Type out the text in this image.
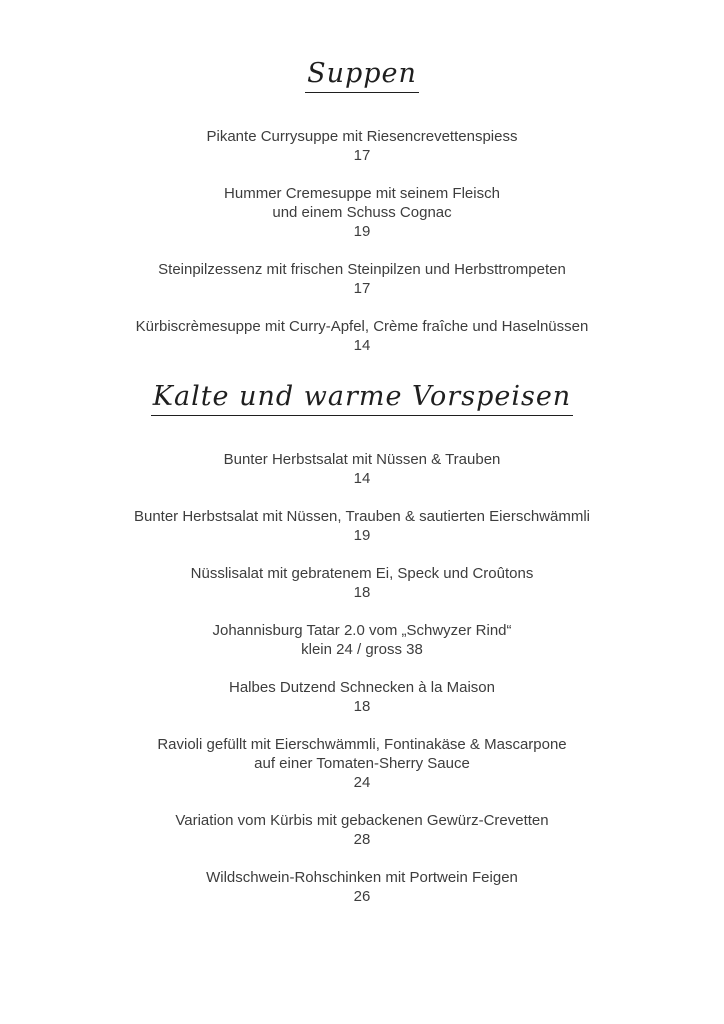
Suppen
Pikante Currysuppe mit Riesencrevettenspiess
17
Hummer Cremesuppe mit seinem Fleisch
und einem Schuss Cognac
19
Steinpilzessenz mit frischen Steinpilzen und Herbsttrompeten
17
Kürbiscrèmesuppe mit Curry-Apfel, Crème fraîche und Haselnüssen
14
Kalte und warme Vorspeisen
Bunter Herbstsalat mit Nüssen & Trauben
14
Bunter Herbstsalat mit Nüssen, Trauben & sautierten Eierschwämmli
19
Nüsslisalat mit gebratenem Ei, Speck und Croûtons
18
Johannisburg Tatar 2.0 vom „Schwyzer Rind“
klein 24 / gross 38
Halbes Dutzend Schnecken à la Maison
18
Ravioli gefüllt mit Eierschwämmli, Fontinakäse & Mascarpone
auf einer Tomaten-Sherry Sauce
24
Variation vom Kürbis mit gebackenen Gewürz-Crevetten
28
Wildschwein-Rohschinken mit Portwein Feigen
26
